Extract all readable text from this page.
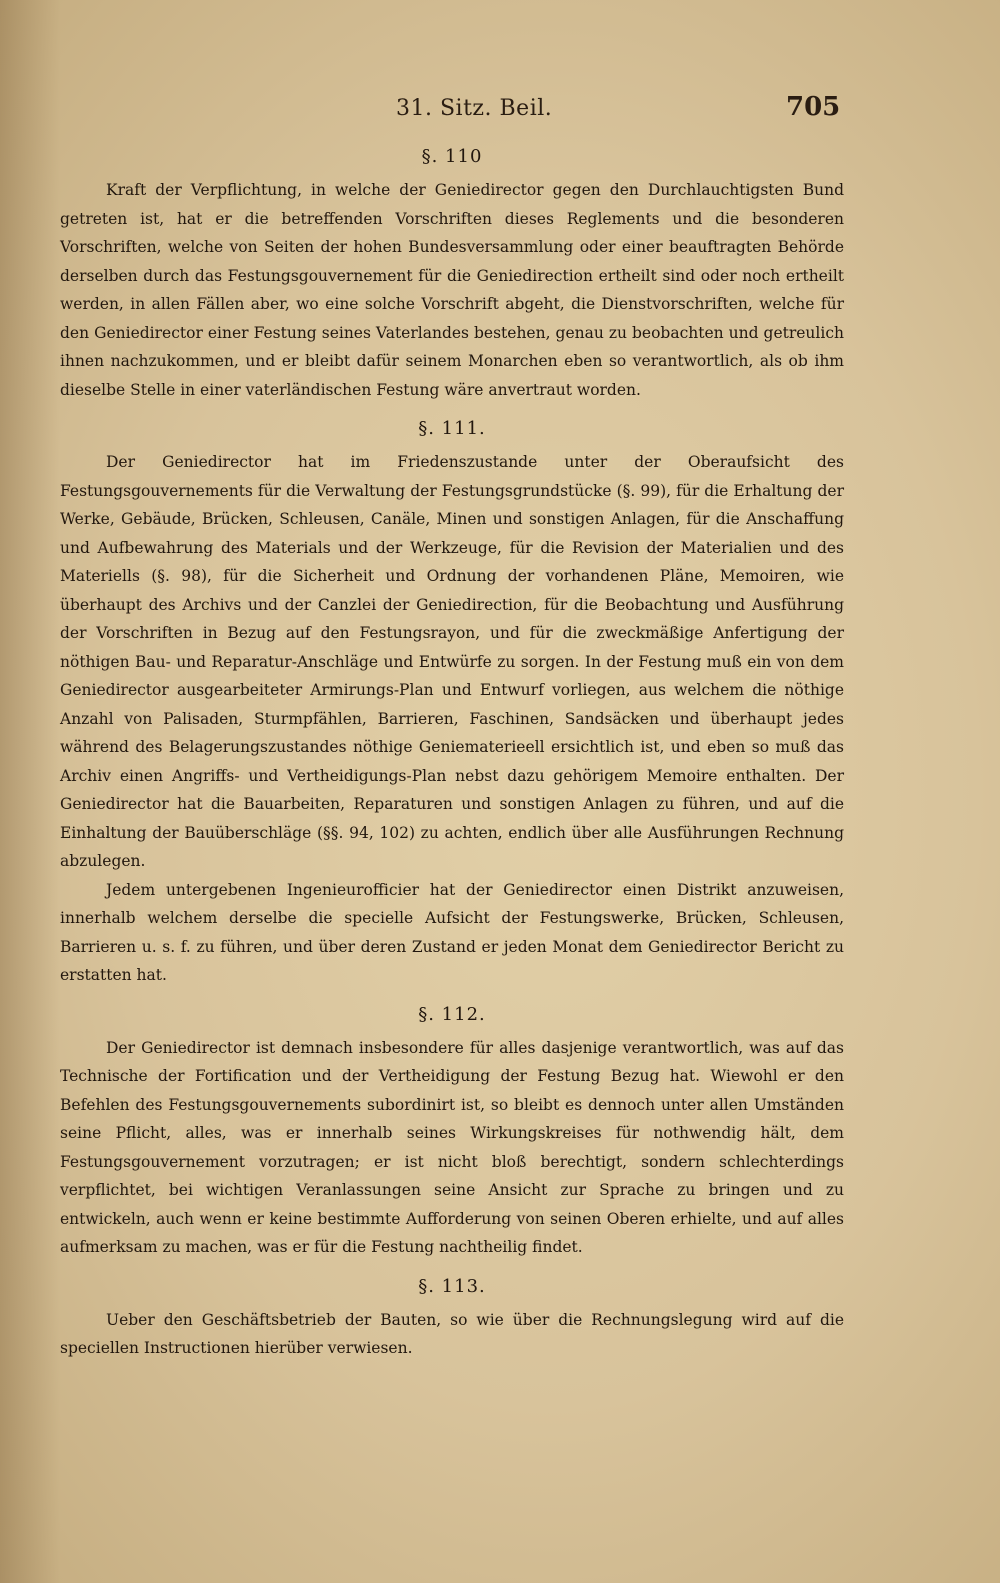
31. Sitz. Beil.	705
§. 110

Kraft der Verpflichtung, in welche der Geniedirector gegen den Durchlauchtigsten Bund getreten ist, hat er die betreffenden Vorschriften dieses Reglements und die besonderen Vorschriften, welche von Seiten der hohen Bundesversammlung oder einer beauftragten Behörde derselben durch das Festungsgouvernement für die Geniedirection ertheilt sind oder noch ertheilt werden, in allen Fällen aber, wo eine solche Vorschrift abgeht, die Dienstvorschriften, welche für den Geniedirector einer Festung seines Vaterlandes bestehen, genau zu beobachten und getreulich ihnen nachzukommen, und er bleibt dafür seinem Monarchen eben so verantwortlich, als ob ihm dieselbe Stelle in einer vaterländischen Festung wäre anvertraut worden.

§. 111.

Der Geniedirector hat im Friedenszustande unter der Oberaufsicht des Festungsgouvernements für die Verwaltung der Festungsgrundstücke (§. 99), für die Erhaltung der Werke, Gebäude, Brücken, Schleusen, Canäle, Minen und sonstigen Anlagen, für die Anschaffung und Aufbewahrung des Materials und der Werkzeuge, für die Revision der Materialien und des Materiells (§. 98), für die Sicherheit und Ordnung der vorhandenen Pläne, Memoiren, wie überhaupt des Archivs und der Canzlei der Geniedirection, für die Beobachtung und Ausführung der Vorschriften in Bezug auf den Festungsrayon, und für die zweckmäßige Anfertigung der nöthigen Bau- und Reparatur-Anschläge und Entwürfe zu sorgen. In der Festung muß ein von dem Geniedirector ausgearbeiteter Armirungs-Plan und Entwurf vorliegen, aus welchem die nöthige Anzahl von Palisaden, Sturmpfählen, Barrieren, Faschinen, Sandsäcken und überhaupt jedes während des Belagerungszustandes nöthige Geniematerieell ersichtlich ist, und eben so muß das Archiv einen Angriffs- und Vertheidigungs-Plan nebst dazu gehörigem Memoire enthalten. Der Geniedirector hat die Bauarbeiten, Reparaturen und sonstigen Anlagen zu führen, und auf die Einhaltung der Bauüberschläge (§§. 94, 102) zu achten, endlich über alle Ausführungen Rechnung abzulegen.

Jedem untergebenen Ingenieurofficier hat der Geniedirector einen Distrikt anzuweisen, innerhalb welchem derselbe die specielle Aufsicht der Festungswerke, Brücken, Schleusen, Barrieren u. s. f. zu führen, und über deren Zustand er jeden Monat dem Geniedirector Bericht zu erstatten hat.

§. 112.

Der Geniedirector ist demnach insbesondere für alles dasjenige verantwortlich, was auf das Technische der Fortification und der Vertheidigung der Festung Bezug hat. Wiewohl er den Befehlen des Festungsgouvernements subordinirt ist, so bleibt es dennoch unter allen Umständen seine Pflicht, alles, was er innerhalb seines Wirkungskreises für nothwendig hält, dem Festungsgouvernement vorzutragen; er ist nicht bloß berechtigt, sondern schlechterdings verpflichtet, bei wichtigen Veranlassungen seine Ansicht zur Sprache zu bringen und zu entwickeln, auch wenn er keine bestimmte Aufforderung von seinen Oberen erhielte, und auf alles aufmerksam zu machen, was er für die Festung nachtheilig findet.

§. 113.

Ueber den Geschäftsbetrieb der Bauten, so wie über die Rechnungslegung wird auf die speciellen Instructionen hierüber verwiesen.
